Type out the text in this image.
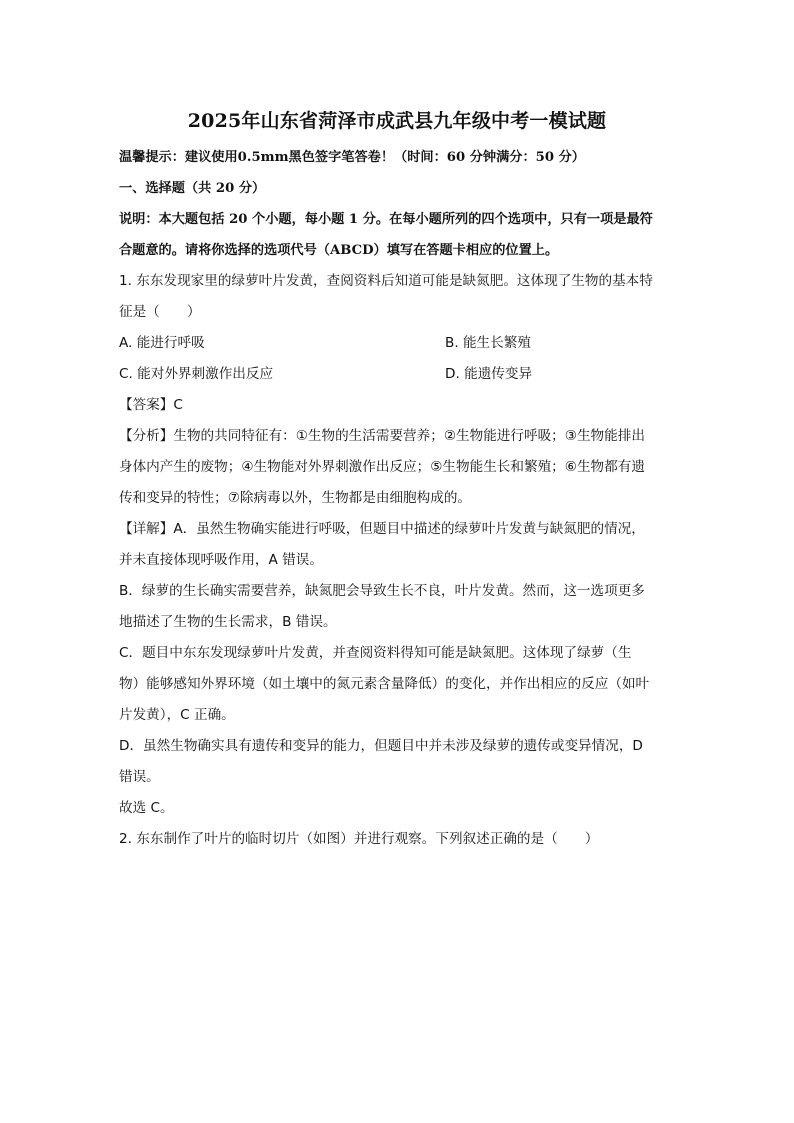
2025年山东省菏泽市成武县九年级中考一模试题
温馨提示：建议使用0.5mm黑色签字笔答卷！（时间：60 分钟满分：50 分）
一、选择题（共 20 分）
说明：本大题包括 20 个小题，每小题 1 分。在每小题所列的四个选项中，只有一项是最符
合题意的。请将你选择的选项代号（ABCD）填写在答题卡相应的位置上。
1. 东东发现家里的绿萝叶片发黄，查阅资料后知道可能是缺氮肥。这体现了生物的基本特
征是（　　）
A. 能进行呼吸	B. 能生长繁殖
C. 能对外界刺激作出反应	D. 能遗传变异
【答案】C
【分析】生物的共同特征有：①生物的生活需要营养；②生物能进行呼吸；③生物能排出
身体内产生的废物；④生物能对外界刺激作出反应；⑤生物能生长和繁殖；⑥生物都有遗
传和变异的特性；⑦除病毒以外，生物都是由细胞构成的。
【详解】A．虽然生物确实能进行呼吸，但题目中描述的绿萝叶片发黄与缺氮肥的情况，
并未直接体现呼吸作用，A 错误。
B．绿萝的生长确实需要营养，缺氮肥会导致生长不良，叶片发黄。然而，这一选项更多
地描述了生物的生长需求，B 错误。
C．题目中东东发现绿萝叶片发黄，并查阅资料得知可能是缺氮肥。这体现了绿萝（生
物）能够感知外界环境（如土壤中的氮元素含量降低）的变化，并作出相应的反应（如叶
片发黄），C 正确。
D．虽然生物确实具有遗传和变异的能力，但题目中并未涉及绿萝的遗传或变异情况，D
错误。
故选 C。
2. 东东制作了叶片的临时切片（如图）并进行观察。下列叙述正确的是（　　）
